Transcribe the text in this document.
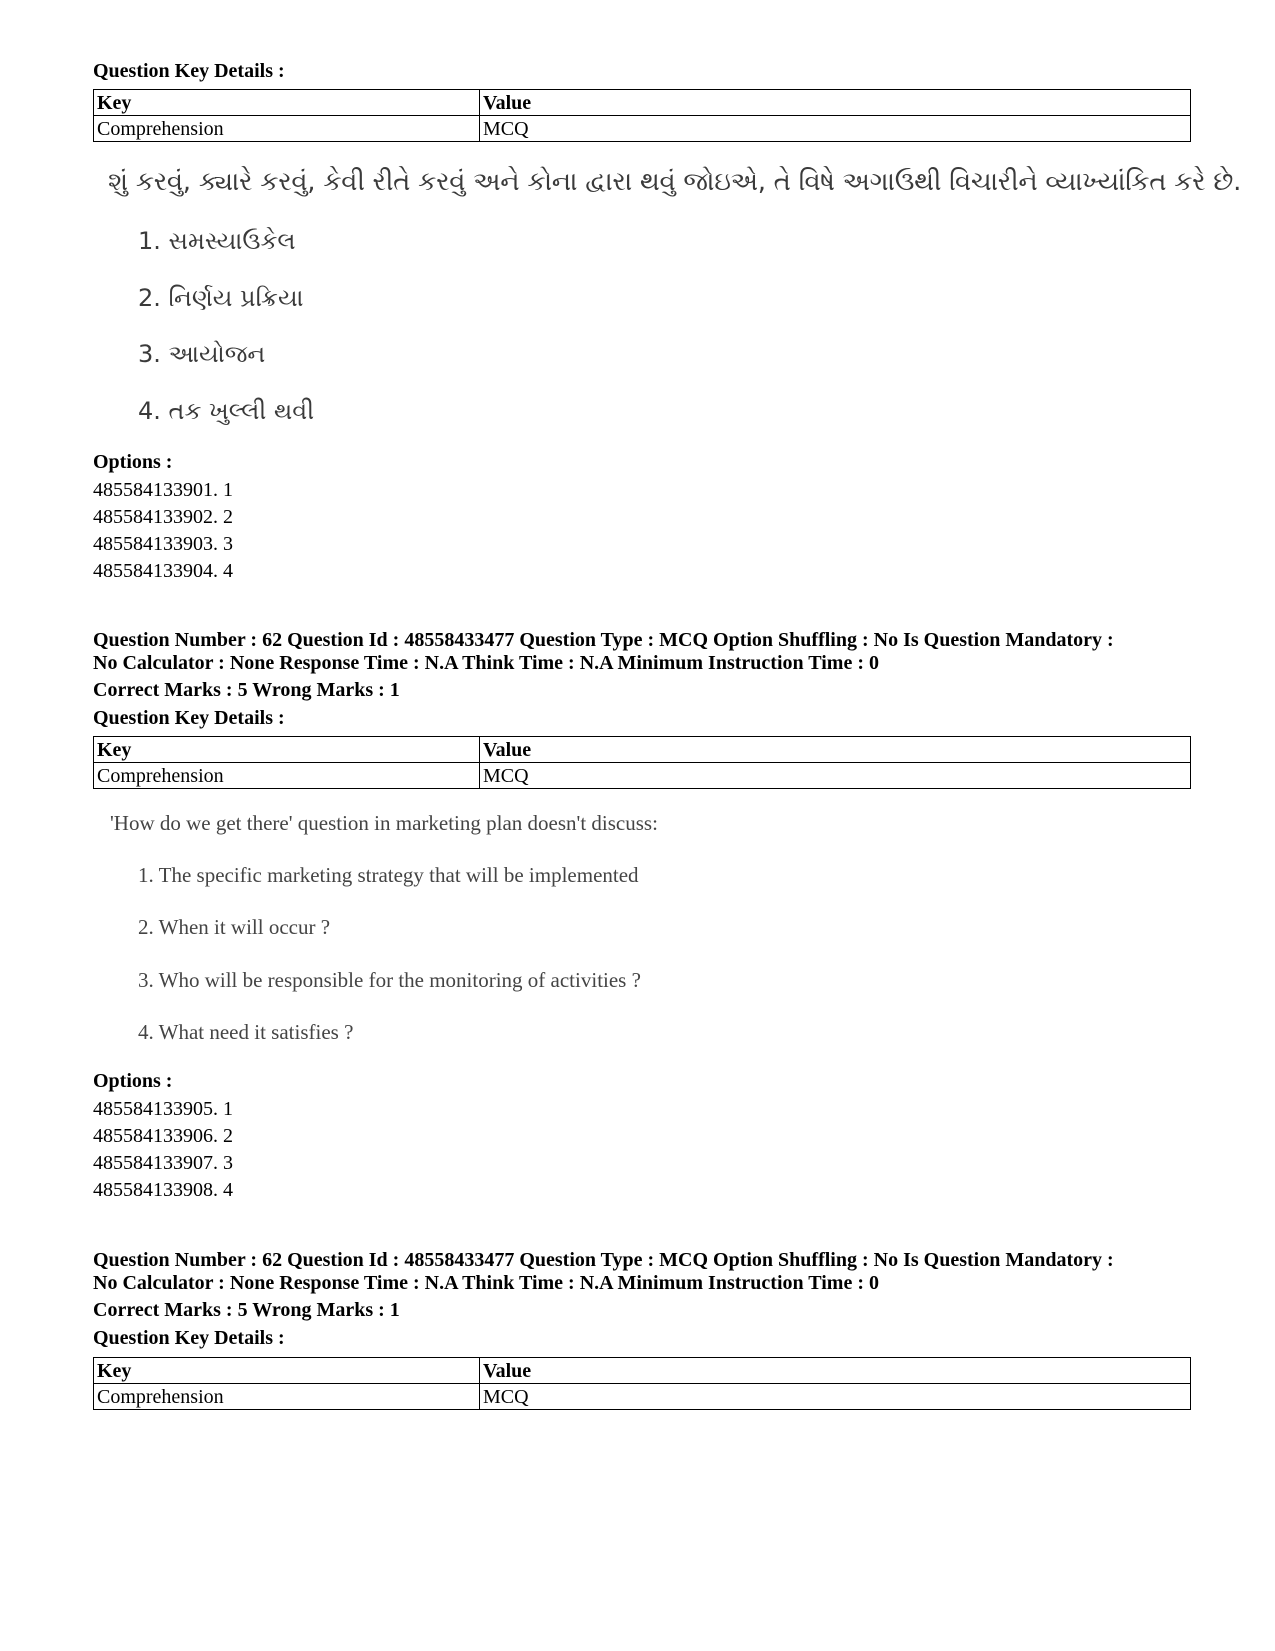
Question Key Details :
Key	Value
Comprehension	MCQ
શું કરવું, ક્યારે કરવું, કેવી રીતે કરવું અને કોના દ્વારા થવું જોઇએ, તે વિષે અગાઉથી વિચારીને વ્યાખ્યાંકિત કરે છે.
1. સમસ્યાઉકેલ
2. નિર્ણય પ્રક્રિયા
3. આયોજન
4. તક ખુલ્લી થવી
Options :
485584133901. 1
485584133902. 2
485584133903. 3
485584133904. 4
Question Number : 62 Question Id : 48558433477 Question Type : MCQ Option Shuffling : No Is Question Mandatory :
No Calculator : None Response Time : N.A Think Time : N.A Minimum Instruction Time : 0
Correct Marks : 5 Wrong Marks : 1
Question Key Details :
Key	Value
Comprehension	MCQ
'How do we get there' question in marketing plan doesn't discuss:
1. The specific marketing strategy that will be implemented
2. When it will occur ?
3. Who will be responsible for the monitoring of activities ?
4. What need it satisfies ?
Options :
485584133905. 1
485584133906. 2
485584133907. 3
485584133908. 4
Question Number : 62 Question Id : 48558433477 Question Type : MCQ Option Shuffling : No Is Question Mandatory :
No Calculator : None Response Time : N.A Think Time : N.A Minimum Instruction Time : 0
Correct Marks : 5 Wrong Marks : 1
Question Key Details :
Key	Value
Comprehension	MCQ
